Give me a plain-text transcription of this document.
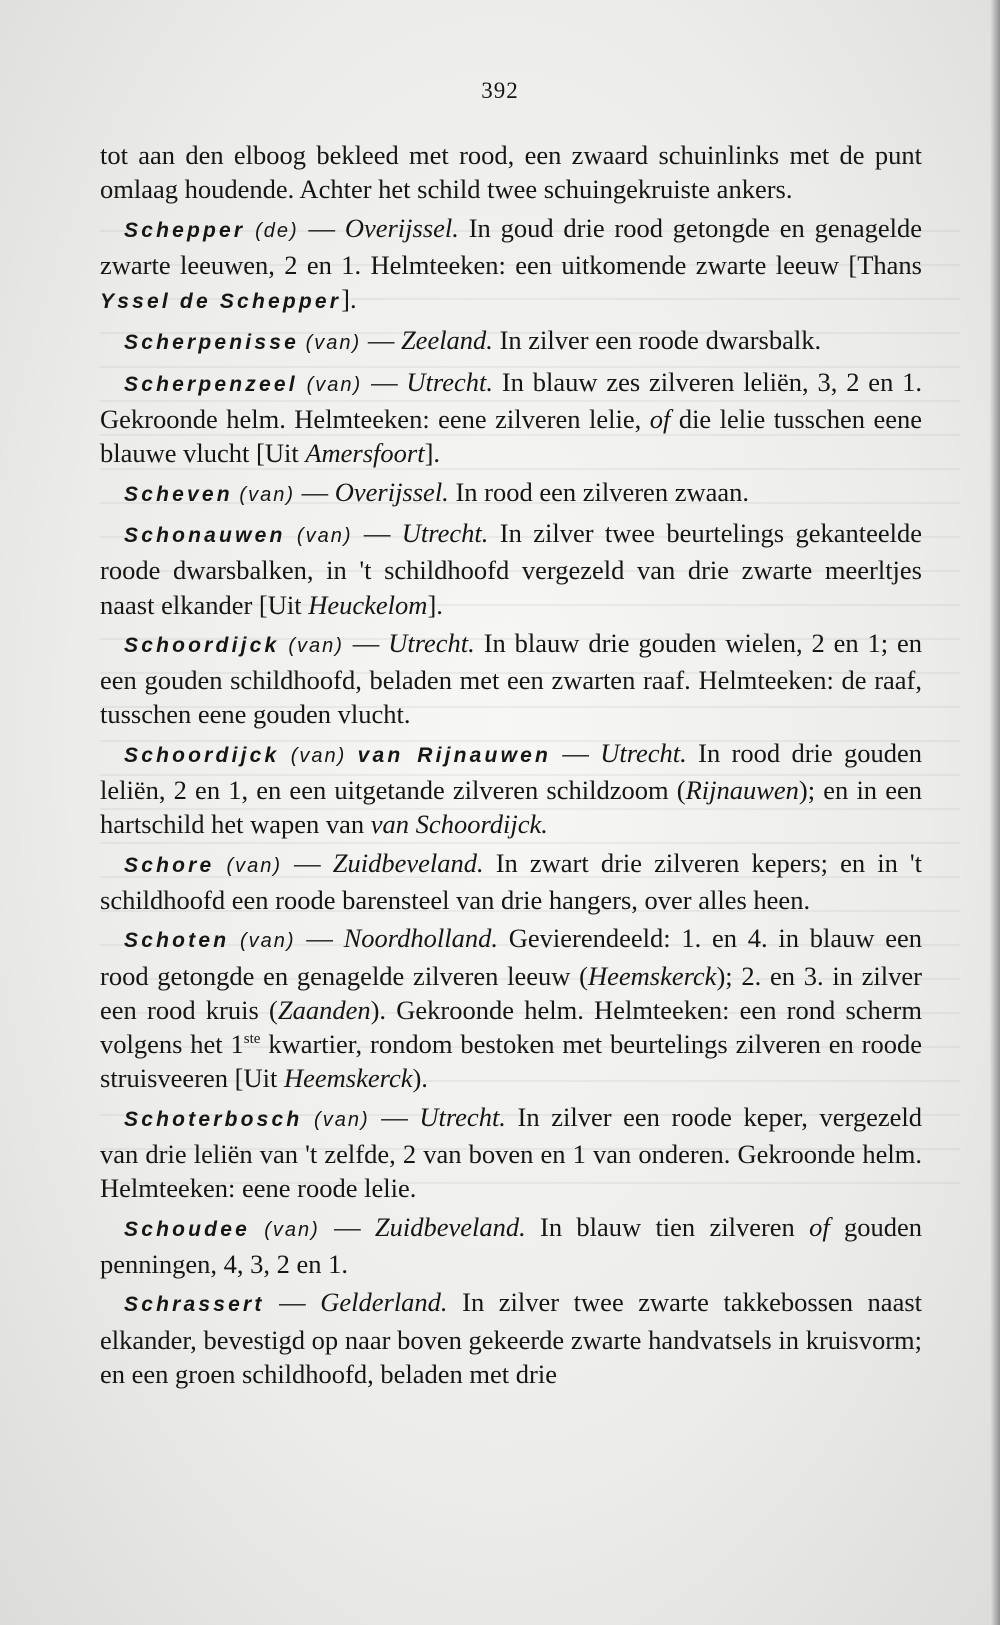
392

tot aan den elboog bekleed met rood, een zwaard schuinlinks met de punt omlaag houdende. Achter het schild twee schuingekruiste ankers.

Schepper (de) — Overijssel. In goud drie rood getongde en genagelde zwarte leeuwen, 2 en 1. Helmteeken: een uitkomende zwarte leeuw [Thans Yssel de Schepper].

Scherpenisse (van) — Zeeland. In zilver een roode dwarsbalk.

Scherpenzeel (van) — Utrecht. In blauw zes zilveren leliën, 3, 2 en 1. Gekroonde helm. Helmteeken: eene zilveren lelie, of die lelie tusschen eene blauwe vlucht [Uit Amersfoort].

Scheven (van) — Overijssel. In rood een zilveren zwaan.

Schonauwen (van) — Utrecht. In zilver twee beurtelings gekanteelde roode dwarsbalken, in 't schildhoofd vergezeld van drie zwarte meerltjes naast elkander [Uit Heuckelom].

Schoordijck (van) — Utrecht. In blauw drie gouden wielen, 2 en 1; en een gouden schildhoofd, beladen met een zwarten raaf. Helmteeken: de raaf, tusschen eene gouden vlucht.

Schoordijck (van) van Rijnauwen — Utrecht. In rood drie gouden leliën, 2 en 1, en een uitgetande zilveren schildzoom (Rijnauwen); en in een hartschild het wapen van van Schoordijck.

Schore (van) — Zuidbeveland. In zwart drie zilveren kepers; en in 't schildhoofd een roode barensteel van drie hangers, over alles heen.

Schoten (van) — Noordholland. Gevierendeeld: 1. en 4. in blauw een rood getongde en genagelde zilveren leeuw (Heemskerck); 2. en 3. in zilver een rood kruis (Zaanden). Gekroonde helm. Helmteeken: een rond scherm volgens het 1ste kwartier, rondom bestoken met beurtelings zilveren en roode struisveeren [Uit Heemskerck).

Schoterbosch (van) — Utrecht. In zilver een roode keper, vergezeld van drie leliën van 't zelfde, 2 van boven en 1 van onderen. Gekroonde helm. Helmteeken: eene roode lelie.

Schoudee (van) — Zuidbeveland. In blauw tien zilveren of gouden penningen, 4, 3, 2 en 1.

Schrassert — Gelderland. In zilver twee zwarte takkebossen naast elkander, bevestigd op naar boven gekeerde zwarte handvatsels in kruisvorm; en een groen schildhoofd, beladen met drie
